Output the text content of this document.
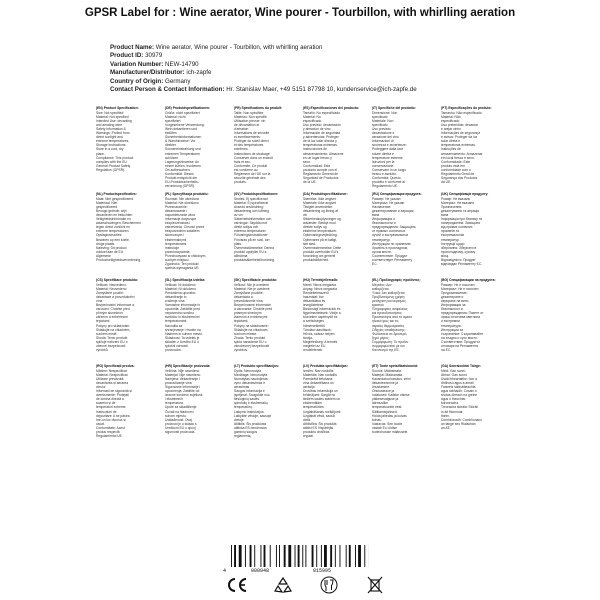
GPSR Label for : Wine aerator, Wine pourer - Tourbillon, with whirlling aeration
Product Name: Wine aerator, Wine pourer - Tourbillon, with whirlling aeration
Product ID: 30979
Variation Number: NEW-14790
Manufacturer/Distributor: ich-zapfe
Country of Origin: Germany
Contact Person & Contact Information: Hr. Stanislav Maer, +49 5151 87798 10, kundenservice@ich-zapfe.de
(EN) Product Specification:
Size: Not specified
Material: Not specified
Intended Use: decanting
and aerating wine
Safety Information &
Warnings: Protect from
direct sunlight and
extreme temperatures.
Storage Instructions:
Store in a cool, dry
place.
Compliance: This product
complies with the EU
General Product Safety
Regulation (GPSR).
(DE) Produktspezifikationen:
Größe: nicht spezifiziert
Material: nicht
spezifiziert
Vorgesehene Verwendung:
Wein dekantieren und
belüften
Sicherheitsinformationen
& Warnhinweise: Vor
direkter
Sonneneinstrahlung und
extremen Temperaturen
schützen.
Lagerungshinweise: An
einem kühlen, trockenen
Ort aufbewahren.
Konformität: Dieses
Produkt entspricht der
EU-Produktsicherheits-
verordnung (GPSR).
(FR) Spécifications du produit:
Taille: Non spécifiée
Matériau: Non spécifié
Utilisation prévue: vin
de décantation et
d'aération
Informations de sécurité
et avertissements:
Protéger du soleil direct
et des températures
extrêmes.
Instructions de stockage:
Conserver dans un endroit
frais et sec.
Conformité: Ce produit
est conforme au
Règlement de l'UE sur la
sécurité générale des
produits.
(ES) Especificaciones del producto:
Tamaño: No especificado
Material: No
especificado
Uso previsto: decantación
y aireación de vino
Información de seguridad
y advertencias: Proteger
de la luz solar directa y
temperaturas extremas.
Instrucciones de
almacenamiento: Almacene
en un lugar fresco y
seco.
Conformidad: Este
producto cumple con el
Reglamento General de
Seguridad de Productos
de la UE.
(IT) Specifiche del prodotto:
Dimensione: Non
specificato
Materiale: Non
specificato
Uso previsto:
decantazione e
aerazione del vino
Informazioni di
sicurezza e avvertenze:
Proteggere dalla luce
solare diretta e
temperature estreme.
Istruzioni per la
conservazione:
Conservare in un luogo
fresco e asciutto.
Conformità: Questo
prodotto è conforme al
Regolamento UE.
(PT) Especificações do produto:
Tamanho: Não especificado
Material: Não
especificado
Uso pretendido: decantar
e arejar vinho
Informações de segurança
e avisos: Proteger da luz
solar direta e
temperaturas extremas.
Instruções de
armazenamento: Armazenar
em local fresco e seco.
Conformidade: Este
produto está em
conformidade com o
Regulamento Geral de
Segurança dos Produtos
da UE.
(NL) Productspecificaties:
Maat: Niet gespecificeerd
Materiaal: Niet
gespecificeerd
Beoogd gebruik: wijn
decanteren en beluchten
Veiligheidsinformatie en
waarschuwingen: Beschermen
tegen direct zonlicht en
extreme temperaturen.
Opslaginstructies:
Bewaren op een koele,
droge plaats.
Naleving: Dit product
voldoet aan de EU
Algemene
Productveiligheidsverordening.
(PL) Specyfikacja produktu:
Rozmiar: Nie określono
Materiał: Nie określono
Przeznaczenie:
dekantowanie i
napowietrzanie wina
Informacje dotyczące
bezpieczeństwa i
ostrzeżenia: Chronić przed
bezpośrednim światłem
słonecznym i
ekstremalnymi
temperaturami.
Instrukcje
przechowywania:
Przechowywać w chłodnym,
suchym miejscu.
Zgodność: Ten produkt
spełnia wymagania UE.
(SV) Produktspecifikationer:
Storlek: Ej specificerad
Material: Ej specificerat
Avsedd användning:
dekantering och luftning
av vin
Säkerhetsinformation och
varningar: Skydda mot
direkt solljus och
extrema temperaturer.
Förvaringsinstruktioner:
Förvaras på en sval, torr
plats.
Överensstämmelse: Denna
produkt uppfyller EU:s
allmänna
produktsäkerhetsförordning.
(DA) Produktspecifikationer:
Størrelse: Ikke angivet
Materiale: Ikke angivet
Tilsigtet anvendelse:
dekantering og iltning af
vin
Sikkerhedsoplysninger og
advarsler: Beskyt mod
direkte sollys og
ekstreme temperaturer.
Opbevaringsvejledning:
Opbevares på et køligt,
tørt sted.
Overensstemmelse: Dette
produkt overholder EU's
forordning om generel
produktsikkerhed.
(RU) Спецификация продукта:
Размер: Не указан
Материал: Не указан
Назначение:
декантирование и аэрация
вина
Информация о
безопасности и
предупреждения: Защищать
от прямых солнечных
лучей и экстремальных
температур.
Инструкции по хранению:
Хранить в прохладном,
сухом месте.
Соответствие: Продукт
соответствует Регламенту
ЕС.
(UK) Специфікація продукту:
Розмір: Не вказано
Матеріал: Не вказано
Призначення:
декантування та аерація
вина
Інформація про безпеку та
попередження: Захищати
від прямих сонячних
променів та
екстремальних
температур.
Інструкції щодо
зберігання: Зберігати в
прохолодному, сухому
місці.
Відповідність: Продукт
відповідає Регламенту ЄС.
(CS) Specifikace produktu:
Velikost: Neuvedeno
Materiál: Neuvedeno
Zamýšlené použití:
dekantace a provzdušnění
vína
Bezpečnostní informace a
varování: Chraňte před
přímým slunečním
zářením a extrémními
teplotami.
Pokyny pro skladování:
Skladujte na chladném,
suchém místě.
Shoda: Tento produkt
splňuje nařízení EU o
obecné bezpečnosti
výrobků.
(SL) Specifikacija izdelka:
Velikost: Ni določeno
Material: Ni določeno
Predvidena uporaba:
dekantiranje in
zračenje vina
Varnostne informacije in
opozorila: Zaščitite pred
neposredno sončno
svetlobo in ekstremnimi
temperaturami.
Navodila za
shranjevanje: Hranite na
hladnem in suhem mestu.
Skladnost: Ta izdelek je
skladen z Uredbo EU o
splošni varnosti
proizvodov.
(SK) Špecifikácie produktu:
Veľkosť: Nie je uvedené
Materiál: Nie je uvedené
Zamýšľané použitie:
dekantácia a
prevzdušnenie vína
Bezpečnostné informácie
a varovania: Chráňte pred
priamym slnečným
žiarením a extrémnymi
teplotami.
Pokyny na skladovanie:
Skladujte na chladnom,
suchom mieste.
Zhoda: Tento produkt
spĺňa nariadenie EÚ o
všeobecnej bezpečnosti
výrobkov.
(HU) Termékjellemzők:
Méret: Nincs megadva
Anyag: Nincs megadva
Rendeltetésszerű
használat: bor
dekantálása és
levegőztetése
Biztonsági információk és
figyelmeztetések: Védje a
közvetlen napfénytől és
a szélsőséges
hőmérséklettől.
Tárolási utasítások:
Hűvös, száraz helyen
tárolja.
Megfelelőség: A termék
megfelel az EU
rendeletének.
(EL) Προδιαγραφές προϊόντος:
Μέγεθος: Δεν
καθορίζεται
Υλικό: Δεν καθορίζεται
Προβλεπόμενη χρήση:
μετάγγιση και αερισμός
κρασιού
Πληροφορίες ασφαλείας
και προειδοποιήσεις:
Προστατέψτε από το άμεσο
ηλιακό φως και τις
ακραίες θερμοκρασίες.
Οδηγίες αποθήκευσης:
Φυλάσσετε σε δροσερό,
ξηρό μέρος.
Συμμόρφωση: Το προϊόν
συμμορφώνεται με τον
Κανονισμό της ΕΕ.
(BG) Спецификации на продукта:
Размер: Не е посочен
Материал: Не е посочен
Предназначение:
декантиране и
аериране на вино
Информация за
безопасност и
предупреждения: Пазете от
пряка слънчева светлина
и екстремни
температури.
Инструкции за
съхранение: Съхранявайте
на хладно и сухо място.
Съответствие: Продуктът
отговаря на Регламента
на ЕС.
(RO) Specificații produs:
Mărime: Nespecificat
Material: Nespecificat
Utilizare prevăzută:
decantarea și aerarea
vinului
Informații de siguranță și
avertismente: Protejați
de lumina directă a
soarelui și de
temperaturi extreme.
Instrucțiuni de
depozitare: A se păstra
într-un loc răcoros și
uscat.
Conformitate: Acest
produs respectă
Regulamentul UE.
(HR) Specifikacije proizvoda:
Veličina: Nije navedeno
Materijal: Nije navedeno
Namjena: dekantiranje i
prozračivanje vina
Sigurnosne informacije i
upozorenja: Zaštitite od
izravne sunčeve svjetlosti
i ekstremnih
temperatura.
Upute za skladištenje:
Čuvati na hladnom i
suhom mjestu.
Usklađenost: Ovaj
proizvod je u skladu s
Uredbom EU o općoj
sigurnosti proizvoda.
(LT) Produkto specifikacijos:
Dydis: Nenurodyta
Medžiaga: Nenurodyta
Numatytas naudojimas:
vyno dekantavimas ir
aeravimas
Saugos informacija ir
įspėjimai: Saugokite nuo
tiesioginių saulės
spindulių ir ekstremalių
temperatūrų.
Laikymo instrukcijos:
Laikykite vėsioje, sausoje
vietoje.
Atitiktis: Šis produktas
atitinka ES bendrosios
gaminių saugos
reglamentą.
(LV) Produkta specifikācijas:
Izmērs: Nav norādīts
Materiāls: Nav norādīts
Paredzētā lietošana:
vīna dekantēšana un
aerācija
Drošības informācija un
brīdinājumi: Sargāt no
tiešiem saules stariem un
ekstremālām
temperatūrām.
Uzglabāšanas norādījumi:
Uzglabāt vēsā, sausā
vietā.
Atbilstība: Šis produkts
atbilst ES Vispārējās
produktu drošības
regulai.
(ET) Toote spetsifikatsioonid:
Suurus: Määramata
Materjal: Määramata
Kavandatud kasutus: veini
dekanteerimine ja
õhustamine
Ohutusteave ja
hoiatused: Kaitske otsese
päikesevalguse ja
äärmuslike
temperatuuride eest.
Säilitamisjuhised:
Hoida jahedas ja kuivas
kohas.
Vastavus: See toode
vastab ELi üldise
tooteohutuse määrusele.
(GA) Sonraíochtaí Táirge:
Méid: Gan sonrú
Ábhar: Gan sonrú
Úsáid bheartaithe: fíon a
dhíthosú agus a aeráil
Faisnéis sábháilteachta
agus rabhaidh: Cosain ó
sholas díreach na gréine
agus ó theochtaí
foircneacha.
Treoracha stórála: Stóráil
in áit fhionnuar,
thirim.
Comhlíonadh: Comhlíonann
an táirge seo Rialachán
an AE.
4	000948	015995
